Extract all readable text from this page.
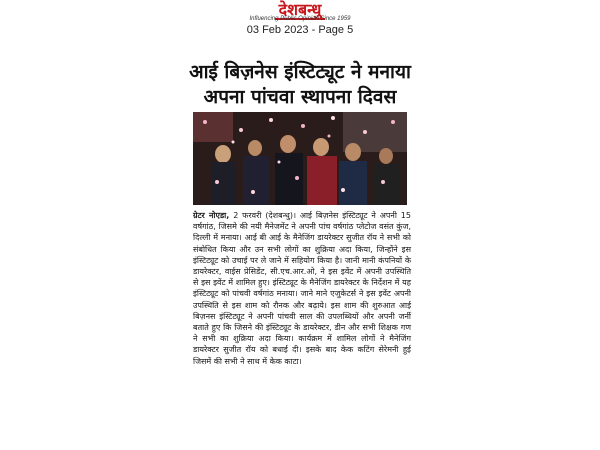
देशबन्धु
Influencing Public Opinion Since 1959
03 Feb 2023 - Page 5
आई बिज़नेस इंस्टिट्यूट ने मनाया
अपना पांचवा स्थापना दिवस
ग्रेटर नोएडा, 2 फरवरी (देशबन्धु)। आई बिज़नेस इंस्टिट्यूट ने अपनी 15 वर्षगांठ, जिसमे की नयी मैनेजमेंट ने अपनी पांच वर्षगांठ प्लेटोज वसंत कुंज, दिल्ली में मनाया। आई बी आई के मैनेजिंग डायरेक्टर सुजीत रॉय ने सभी को संबोधित किया और उन सभी लोगों का शुक्रिया अदा किया, जिन्होंने इस इंस्टिट्यूट को उचाई पर ले जाने में सहियोग किया है। जानी मानी कंपनियों के डायरेक्टर, वाईस प्रेसिडेंट, सी.एच.आर.ओ, ने इस इवेंट में अपनी उपस्थिति से इस इवेंट में शामिल हुए। इंस्टिट्यूट के मैनेजिंग डायरेक्टर के निर्देशन में यह इंस्टिट्यूट को पांचवी वर्षगांठ मनाया। जाने माने एजुकेटर्स ने इस इवेंट अपनी उपस्थिति से इस शाम को रौनक और बढ़ाये। इस शाम की शुरुआत आई बिज़नस इंस्टिट्यूट ने अपनी पांचवी साल की उपलब्धियों और अपनी जर्नी बताते हुए कि जिसने की इंस्टिट्यूट के डायरेक्टर, डीन और सभी शिक्षक गण ने सभी का शुक्रिया अदा किया। कार्यक्रम में शामिल लोगों ने मैनेजिंग डायरेक्टर सुजीत रॉय को बधाई दी। इसके बाद केक कटिंग सेरेमनी हुई जिसमें की सभी ने साथ में केक काटा।
